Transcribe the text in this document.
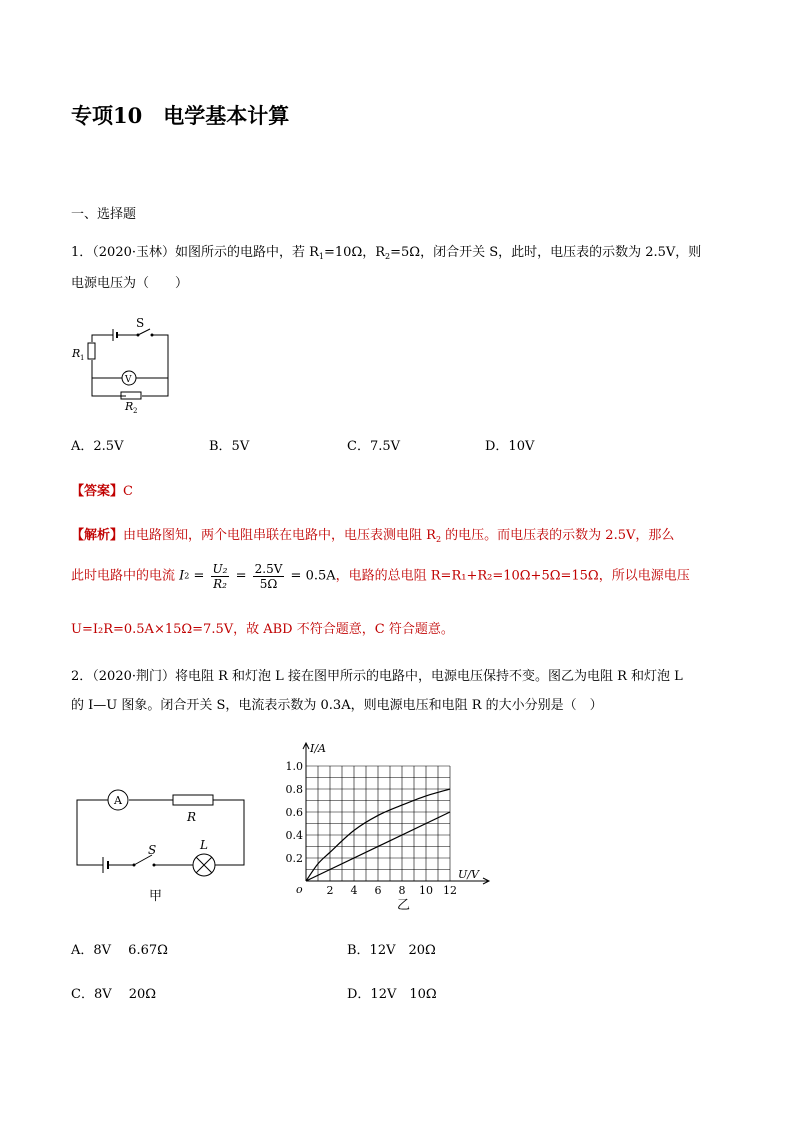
专项10　电学基本计算
一、选择题
1．（2020·玉林）如图所示的电路中，若 $R_1=10\Omega$，$R_2=5\Omega$，闭合开关 S，此时，电压表的示数为 2.5V，则
电源电压为（　　）
S
R 1
R 2
V
A．2.5V	B．5V	C．7.5V	D．10V
【答案】C
【解析】由电路图知，两个电阻串联在电路中，电压表测电阻 $R_2$ 的电压。而电压表的示数为 2.5V，那么
此时电路中的电流 $I2 = \frac{\text{U₂}}{\text{R₂}} = \frac{2.5V}{5\Omega} = 0.5A$，电路的总电阻 R=R₁+R₂=10Ω+5Ω=15Ω，所以电源电压
U=I₂R=0.5A×15Ω=7.5V，故 ABD 不符合题意，C 符合题意。
2．（2020·荆门）将电阻 R 和灯泡 L 接在图甲所示的电路中，电源电压保持不变。图乙为电阻 R 和灯泡 L
的 I—U 图象。闭合开关 S，电流表示数为 0.3A，则电源电压和电阻 R 的大小分别是（　）
A
R
S	L
甲	2 4 6 8 10 12
0.2
0.4
0.6
0.8
1.0
I/A
U/V
o
乙
A．8V　 6.67Ω	B．12V　20Ω
C．8V　 20Ω	D．12V　10Ω
